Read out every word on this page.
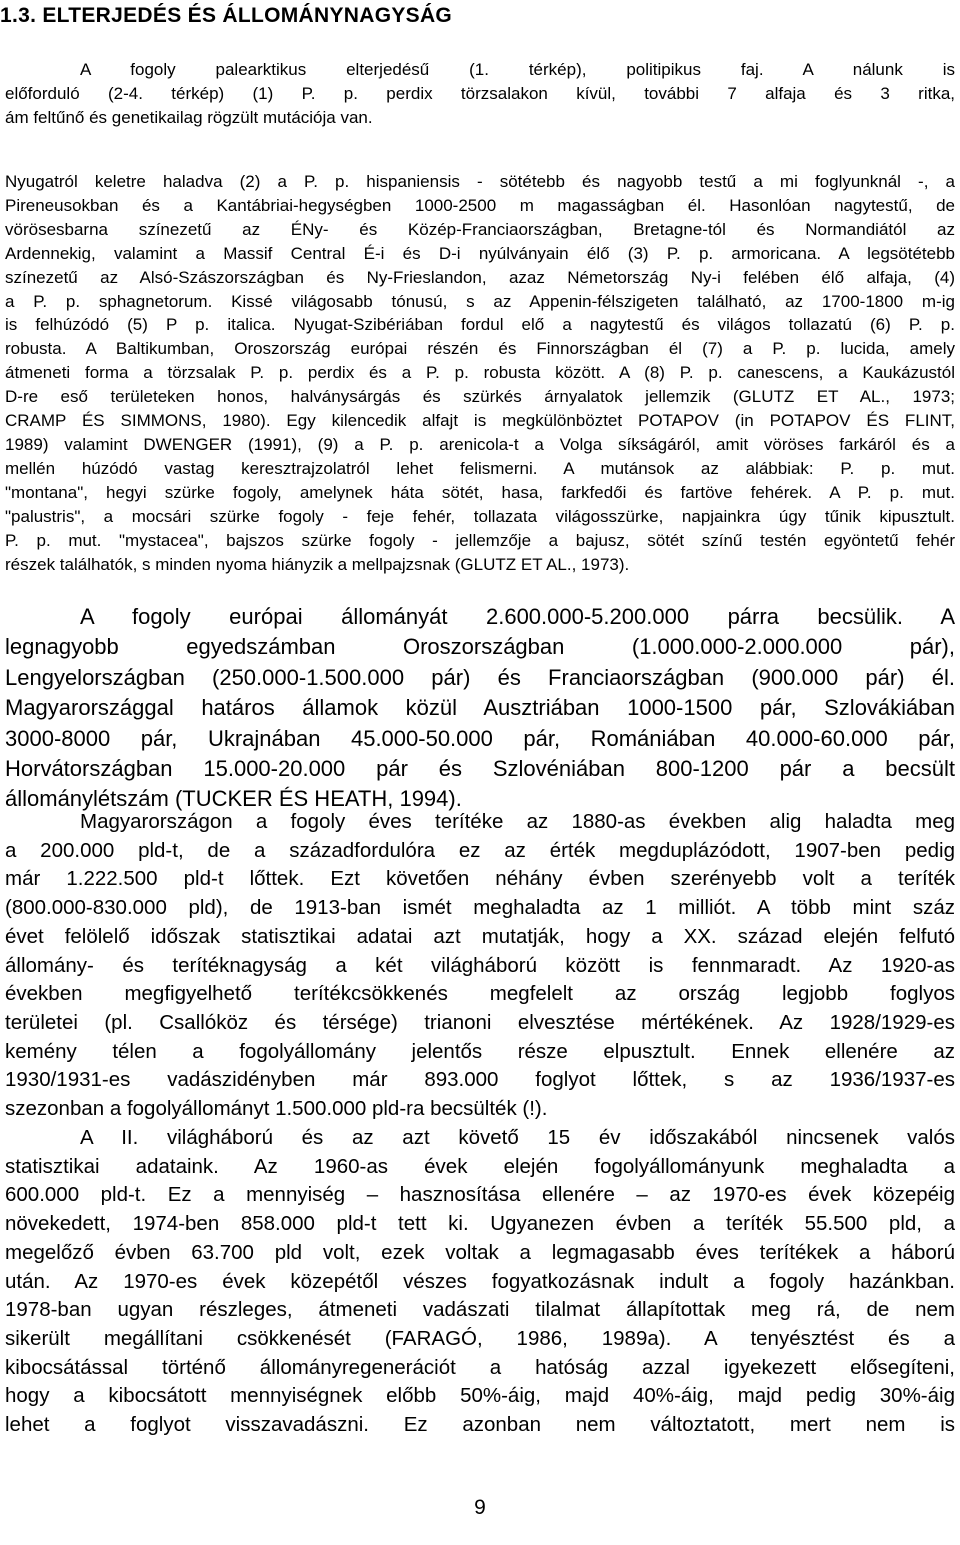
1.3. ELTERJEDÉS ÉS ÁLLOMÁNYNAGYSÁG
A fogoly palearktikus elterjedésű (1. térkép), politipikus faj. A nálunk is
előforduló (2-4. térkép) (1) P. p. perdix törzsalakon kívül, további 7 alfaja és 3 ritka,
ám feltűnő és genetikailag rögzült mutációja van.
Nyugatról keletre haladva (2) a P. p. hispaniensis - sötétebb és nagyobb testű a mi foglyunknál -, a
Pireneusokban és a Kantábriai-hegységben 1000-2500 m magasságban él. Hasonlóan nagytestű, de
vörösesbarna színezetű az ÉNy- és Közép-Franciaországban, Bretagne-tól és Normandiától az
Ardennekig, valamint a Massif Central É-i és D-i nyúlványain élő (3) P. p. armoricana. A legsötétebb
színezetű az Alsó-Szászországban és Ny-Frieslandon, azaz Németország Ny-i felében élő alfaja, (4)
a P. p. sphagnetorum. Kissé világosabb tónusú, s az Appenin-félszigeten található, az 1700-1800 m-ig
is felhúzódó (5) P p. italica. Nyugat-Szibériában fordul elő a nagytestű és világos tollazatú (6) P. p.
robusta. A Baltikumban, Oroszország európai részén és Finnországban él (7) a P. p. lucida, amely
átmeneti forma a törzsalak P. p. perdix és a P. p. robusta között. A (8) P. p. canescens, a Kaukázustól
D-re eső területeken honos, halványsárgás és szürkés árnyalatok jellemzik (GLUTZ ET AL., 1973;
CRAMP ÉS SIMMONS, 1980). Egy kilencedik alfajt is megkülönböztet POTAPOV (in POTAPOV ÉS FLINT,
1989) valamint DWENGER (1991), (9) a P. p. arenicola-t a Volga síkságáról, amit vöröses farkáról és a
mellén húzódó vastag keresztrajzolatról lehet felismerni. A mutánsok az alábbiak: P. p. mut.
"montana", hegyi szürke fogoly, amelynek háta sötét, hasa, farkfedői és fartöve fehérek. A P. p. mut.
"palustris", a mocsári szürke fogoly - feje fehér, tollazata világosszürke, napjainkra úgy tűnik kipusztult.
P. p. mut. "mystacea", bajszos szürke fogoly - jellemzője a bajusz, sötét színű testén egyöntetű fehér
részek találhatók, s minden nyoma hiányzik a mellpajzsnak (GLUTZ ET AL., 1973).
A fogoly európai állományát 2.600.000-5.200.000 párra becsülik. A
legnagyobb egyedszámban Oroszországban (1.000.000-2.000.000 pár),
Lengyelországban (250.000-1.500.000 pár) és Franciaországban (900.000 pár) él.
Magyarországgal határos államok közül Ausztriában 1000-1500 pár, Szlovákiában
3000-8000 pár, Ukrajnában 45.000-50.000 pár, Romániában 40.000-60.000 pár,
Horvátországban 15.000-20.000 pár és Szlovéniában 800-1200 pár a becsült
állománylétszám (TUCKER ÉS HEATH, 1994).
Magyarországon a fogoly éves terítéke az 1880-as években alig haladta meg
a 200.000 pld-t, de a századfordulóra ez az érték megduplázódott, 1907-ben pedig
már 1.222.500 pld-t lőttek. Ezt követően néhány évben szerényebb volt a teríték
(800.000-830.000 pld), de 1913-ban ismét meghaladta az 1 milliót. A több mint száz
évet felölelő időszak statisztikai adatai azt mutatják, hogy a XX. század elején felfutó
állomány- és terítéknagyság a két világháború között is fennmaradt. Az 1920-as
években megfigyelhető terítékcsökkenés megfelelt az ország legjobb foglyos
területei (pl. Csallóköz és térsége) trianoni elvesztése mértékének. Az 1928/1929-es
kemény télen a fogolyállomány jelentős része elpusztult. Ennek ellenére az
1930/1931-es vadászidényben már 893.000 foglyot lőttek, s az 1936/1937-es
szezonban a fogolyállományt 1.500.000 pld-ra becsülték (!).
A II. világháború és az azt követő 15 év időszakából nincsenek valós
statisztikai adataink. Az 1960-as évek elején fogolyállományunk meghaladta a
600.000 pld-t. Ez a mennyiség – hasznosítása ellenére – az 1970-es évek közepéig
növekedett, 1974-ben 858.000 pld-t tett ki. Ugyanezen évben a teríték 55.500 pld, a
megelőző évben 63.700 pld volt, ezek voltak a legmagasabb éves terítékek a háború
után. Az 1970-es évek közepétől vészes fogyatkozásnak indult a fogoly hazánkban.
1978-ban ugyan részleges, átmeneti vadászati tilalmat állapítottak meg rá, de nem
sikerült megállítani csökkenését (FARAGÓ, 1986, 1989a). A tenyésztést és a
kibocsátással történő állományregenerációt a hatóság azzal igyekezett elősegíteni,
hogy a kibocsátott mennyiségnek előbb 50%-áig, majd 40%-áig, majd pedig 30%-áig
lehet a foglyot visszavadászni. Ez azonban nem változtatott, mert nem is
9
